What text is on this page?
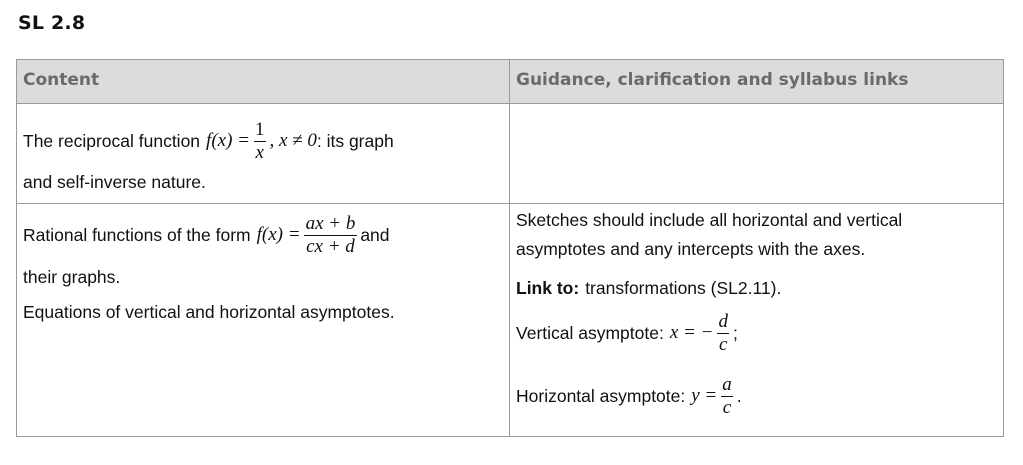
SL 2.8
Content	Guidance, clarification and syllabus links
The reciprocal function $f(x) = \frac{1}{x}$ , x ≠ 0 : its graph
and self-inverse nature.
Rational functions of the form $f(x) = \frac{ax + b}{cx + d}$ and
their graphs.
Equations of vertical and horizontal asymptotes.
Sketches should include all horizontal and vertical
asymptotes and any intercepts with the axes.
Link to: transformations (SL2.11).
Vertical asymptote: x = − $\frac{d}{c}$ ;
Horizontal asymptote: $y = \frac{a}{c}$ .
